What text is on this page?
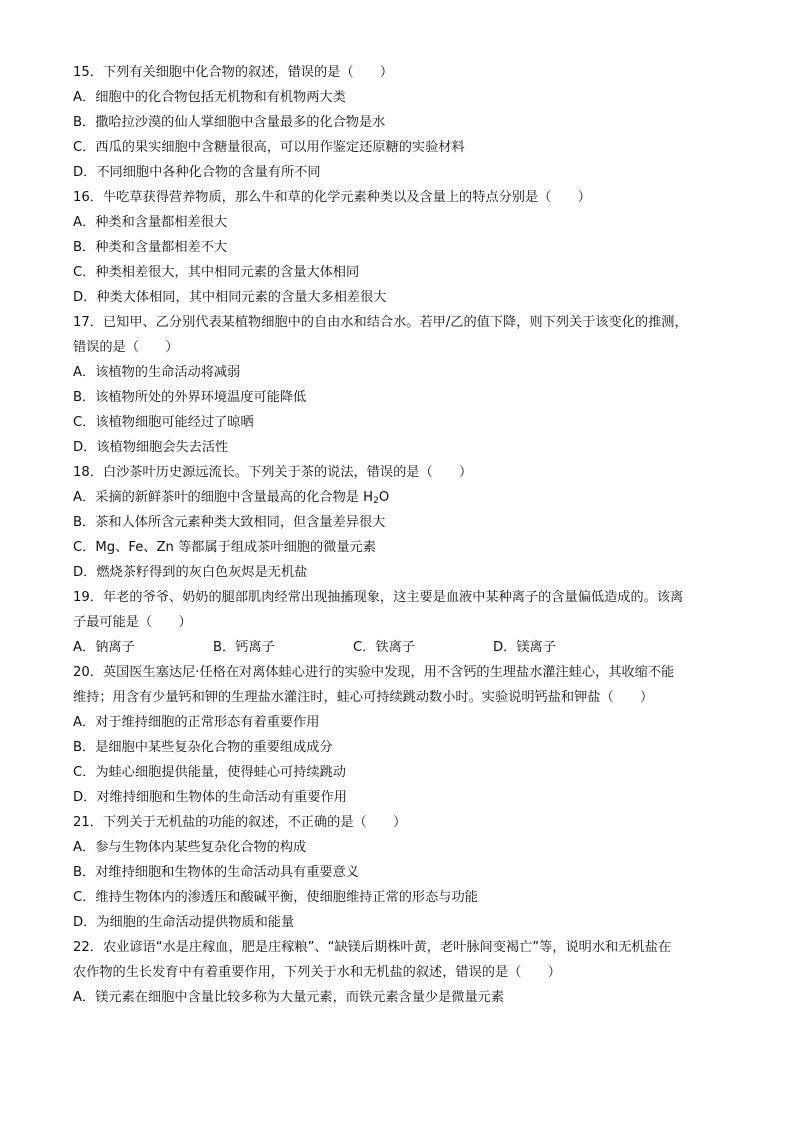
15．下列有关细胞中化合物的叙述，错误的是（　　）
A．细胞中的化合物包括无机物和有机物两大类
B．撒哈拉沙漠的仙人掌细胞中含量最多的化合物是水
C．西瓜的果实细胞中含糖量很高，可以用作鉴定还原糖的实验材料
D．不同细胞中各种化合物的含量有所不同
16．牛吃草获得营养物质，那么牛和草的化学元素种类以及含量上的特点分别是（　　）
A．种类和含量都相差很大
B．种类和含量都相差不大
C．种类相差很大，其中相同元素的含量大体相同
D．种类大体相同，其中相同元素的含量大多相差很大
17．已知甲、乙分别代表某植物细胞中的自由水和结合水。若甲/乙的值下降，则下列关于该变化的推测，
错误的是（　　）
A．该植物的生命活动将减弱
B．该植物所处的外界环境温度可能降低
C．该植物细胞可能经过了晾晒
D．该植物细胞会失去活性
18．白沙茶叶历史源远流长。下列关于茶的说法，错误的是（　　）
A．采摘的新鲜茶叶的细胞中含量最高的化合物是 $H_2O$
B．茶和人体所含元素种类大致相同，但含量差异很大
C．Mg、Fe、Zn 等都属于组成茶叶细胞的微量元素
D．燃烧茶籽得到的灰白色灰烬是无机盐
19．年老的爷爷、奶奶的腿部肌肉经常出现抽搐现象，这主要是血液中某种离子的含量偏低造成的。该离
子最可能是（　　）
A．钠离子	B．钙离子	C．铁离子	D．镁离子
20．英国医生塞达尼·任格在对离体蛙心进行的实验中发现，用不含钙的生理盐水灌注蛙心，其收缩不能
维持；用含有少量钙和钾的生理盐水灌注时，蛙心可持续跳动数小时。实验说明钙盐和钾盐（　　）
A．对于维持细胞的正常形态有着重要作用
B．是细胞中某些复杂化合物的重要组成成分
C．为蛙心细胞提供能量，使得蛙心可持续跳动
D．对维持细胞和生物体的生命活动有重要作用
21．下列关于无机盐的功能的叙述，不正确的是（　　）
A．参与生物体内某些复杂化合物的构成
B．对维持细胞和生物体的生命活动具有重要意义
C．维持生物体内的渗透压和酸碱平衡，使细胞维持正常的形态与功能
D．为细胞的生命活动提供物质和能量
22．农业谚语“水是庄稼血，肥是庄稼粮”、“缺镁后期株叶黄，老叶脉间变褐亡”等，说明水和无机盐在
农作物的生长发育中有着重要作用，下列关于水和无机盐的叙述，错误的是（　　）
A．镁元素在细胞中含量比较多称为大量元素，而铁元素含量少是微量元素
